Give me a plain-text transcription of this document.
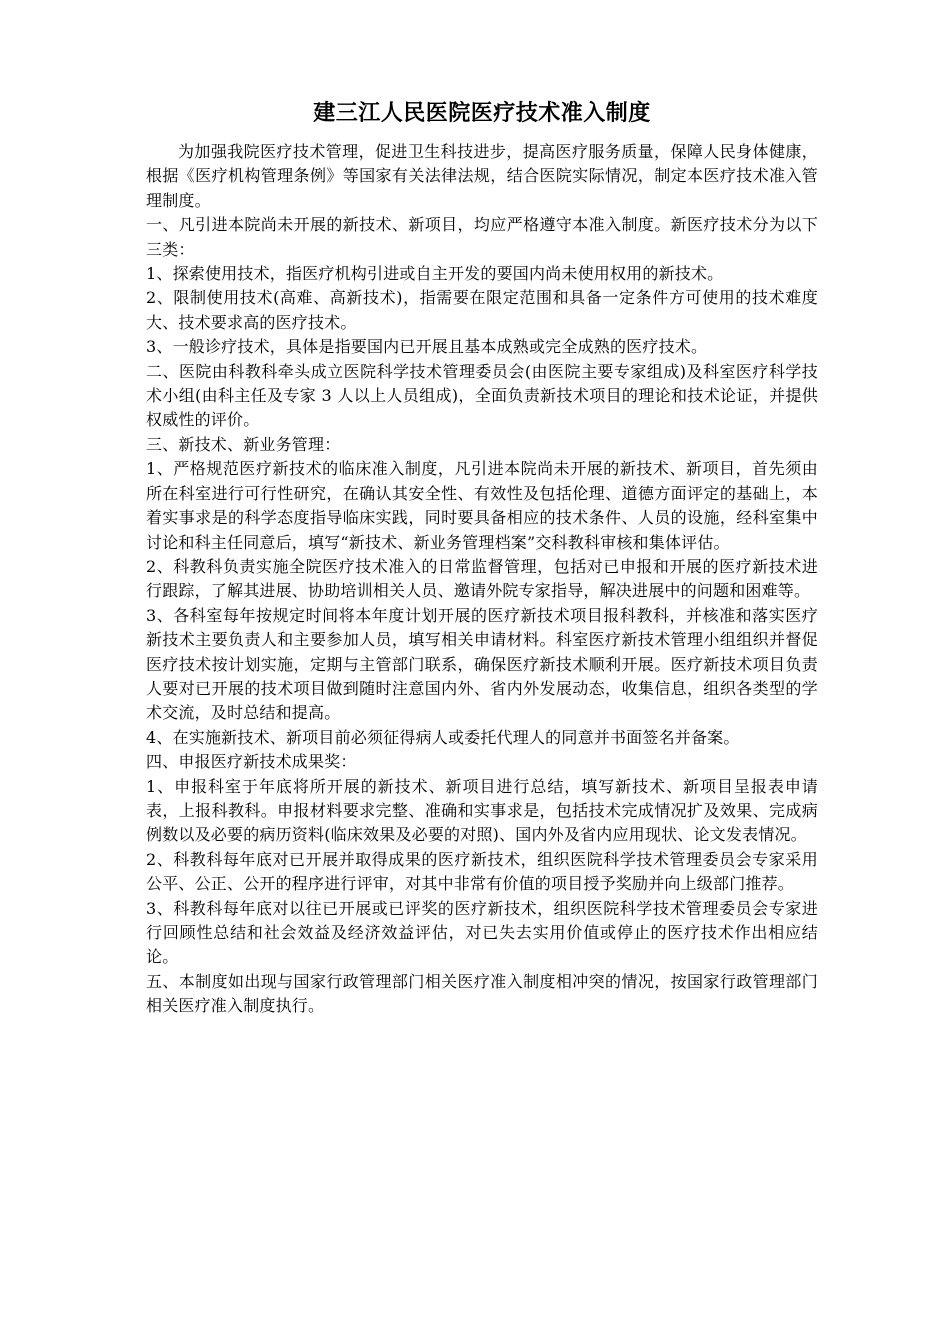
建三江人民医院医疗技术准入制度

为加强我院医疗技术管理，促进卫生科技进步，提高医疗服务质量，保障人民身体健康，根据《医疗机构管理条例》等国家有关法律法规，结合医院实际情况，制定本医疗技术准入管理制度。

一、凡引进本院尚未开展的新技术、新项目，均应严格遵守本准入制度。新医疗技术分为以下三类：

1、探索使用技术，指医疗机构引进或自主开发的要国内尚未使用权用的新技术。

2、限制使用技术(高难、高新技术)，指需要在限定范围和具备一定条件方可使用的技术难度大、技术要求高的医疗技术。

3、一般诊疗技术，具体是指要国内已开展且基本成熟或完全成熟的医疗技术。

二、医院由科教科牵头成立医院科学技术管理委员会(由医院主要专家组成)及科室医疗科学技术小组(由科主任及专家 3 人以上人员组成)，全面负责新技术项目的理论和技术论证，并提供权威性的评价。

三、新技术、新业务管理：

1、严格规范医疗新技术的临床准入制度，凡引进本院尚未开展的新技术、新项目，首先须由所在科室进行可行性研究，在确认其安全性、有效性及包括伦理、道德方面评定的基础上，本着实事求是的科学态度指导临床实践，同时要具备相应的技术条件、人员的设施，经科室集中讨论和科主任同意后，填写“新技术、新业务管理档案”交科教科审核和集体评估。

2、科教科负责实施全院医疗技术准入的日常监督管理，包括对已申报和开展的医疗新技术进行跟踪，了解其进展、协助培训相关人员、邀请外院专家指导，解决进展中的问题和困难等。

3、各科室每年按规定时间将本年度计划开展的医疗新技术项目报科教科，并核准和落实医疗新技术主要负责人和主要参加人员，填写相关申请材料。科室医疗新技术管理小组组织并督促医疗技术按计划实施，定期与主管部门联系，确保医疗新技术顺利开展。医疗新技术项目负责人要对已开展的技术项目做到随时注意国内外、省内外发展动态，收集信息，组织各类型的学术交流，及时总结和提高。

4、在实施新技术、新项目前必须征得病人或委托代理人的同意并书面签名并备案。

四、申报医疗新技术成果奖：

1、申报科室于年底将所开展的新技术、新项目进行总结，填写新技术、新项目呈报表申请表，上报科教科。申报材料要求完整、准确和实事求是，包括技术完成情况扩及效果、完成病例数以及必要的病历资料(临床效果及必要的对照)、国内外及省内应用现状、论文发表情况。

2、科教科每年底对已开展并取得成果的医疗新技术，组织医院科学技术管理委员会专家采用公平、公正、公开的程序进行评审，对其中非常有价值的项目授予奖励并向上级部门推荐。

3、科教科每年底对以往已开展或已评奖的医疗新技术，组织医院科学技术管理委员会专家进行回顾性总结和社会效益及经济效益评估，对已失去实用价值或停止的医疗技术作出相应结论。

五、本制度如出现与国家行政管理部门相关医疗准入制度相冲突的情况，按国家行政管理部门相关医疗准入制度执行。
